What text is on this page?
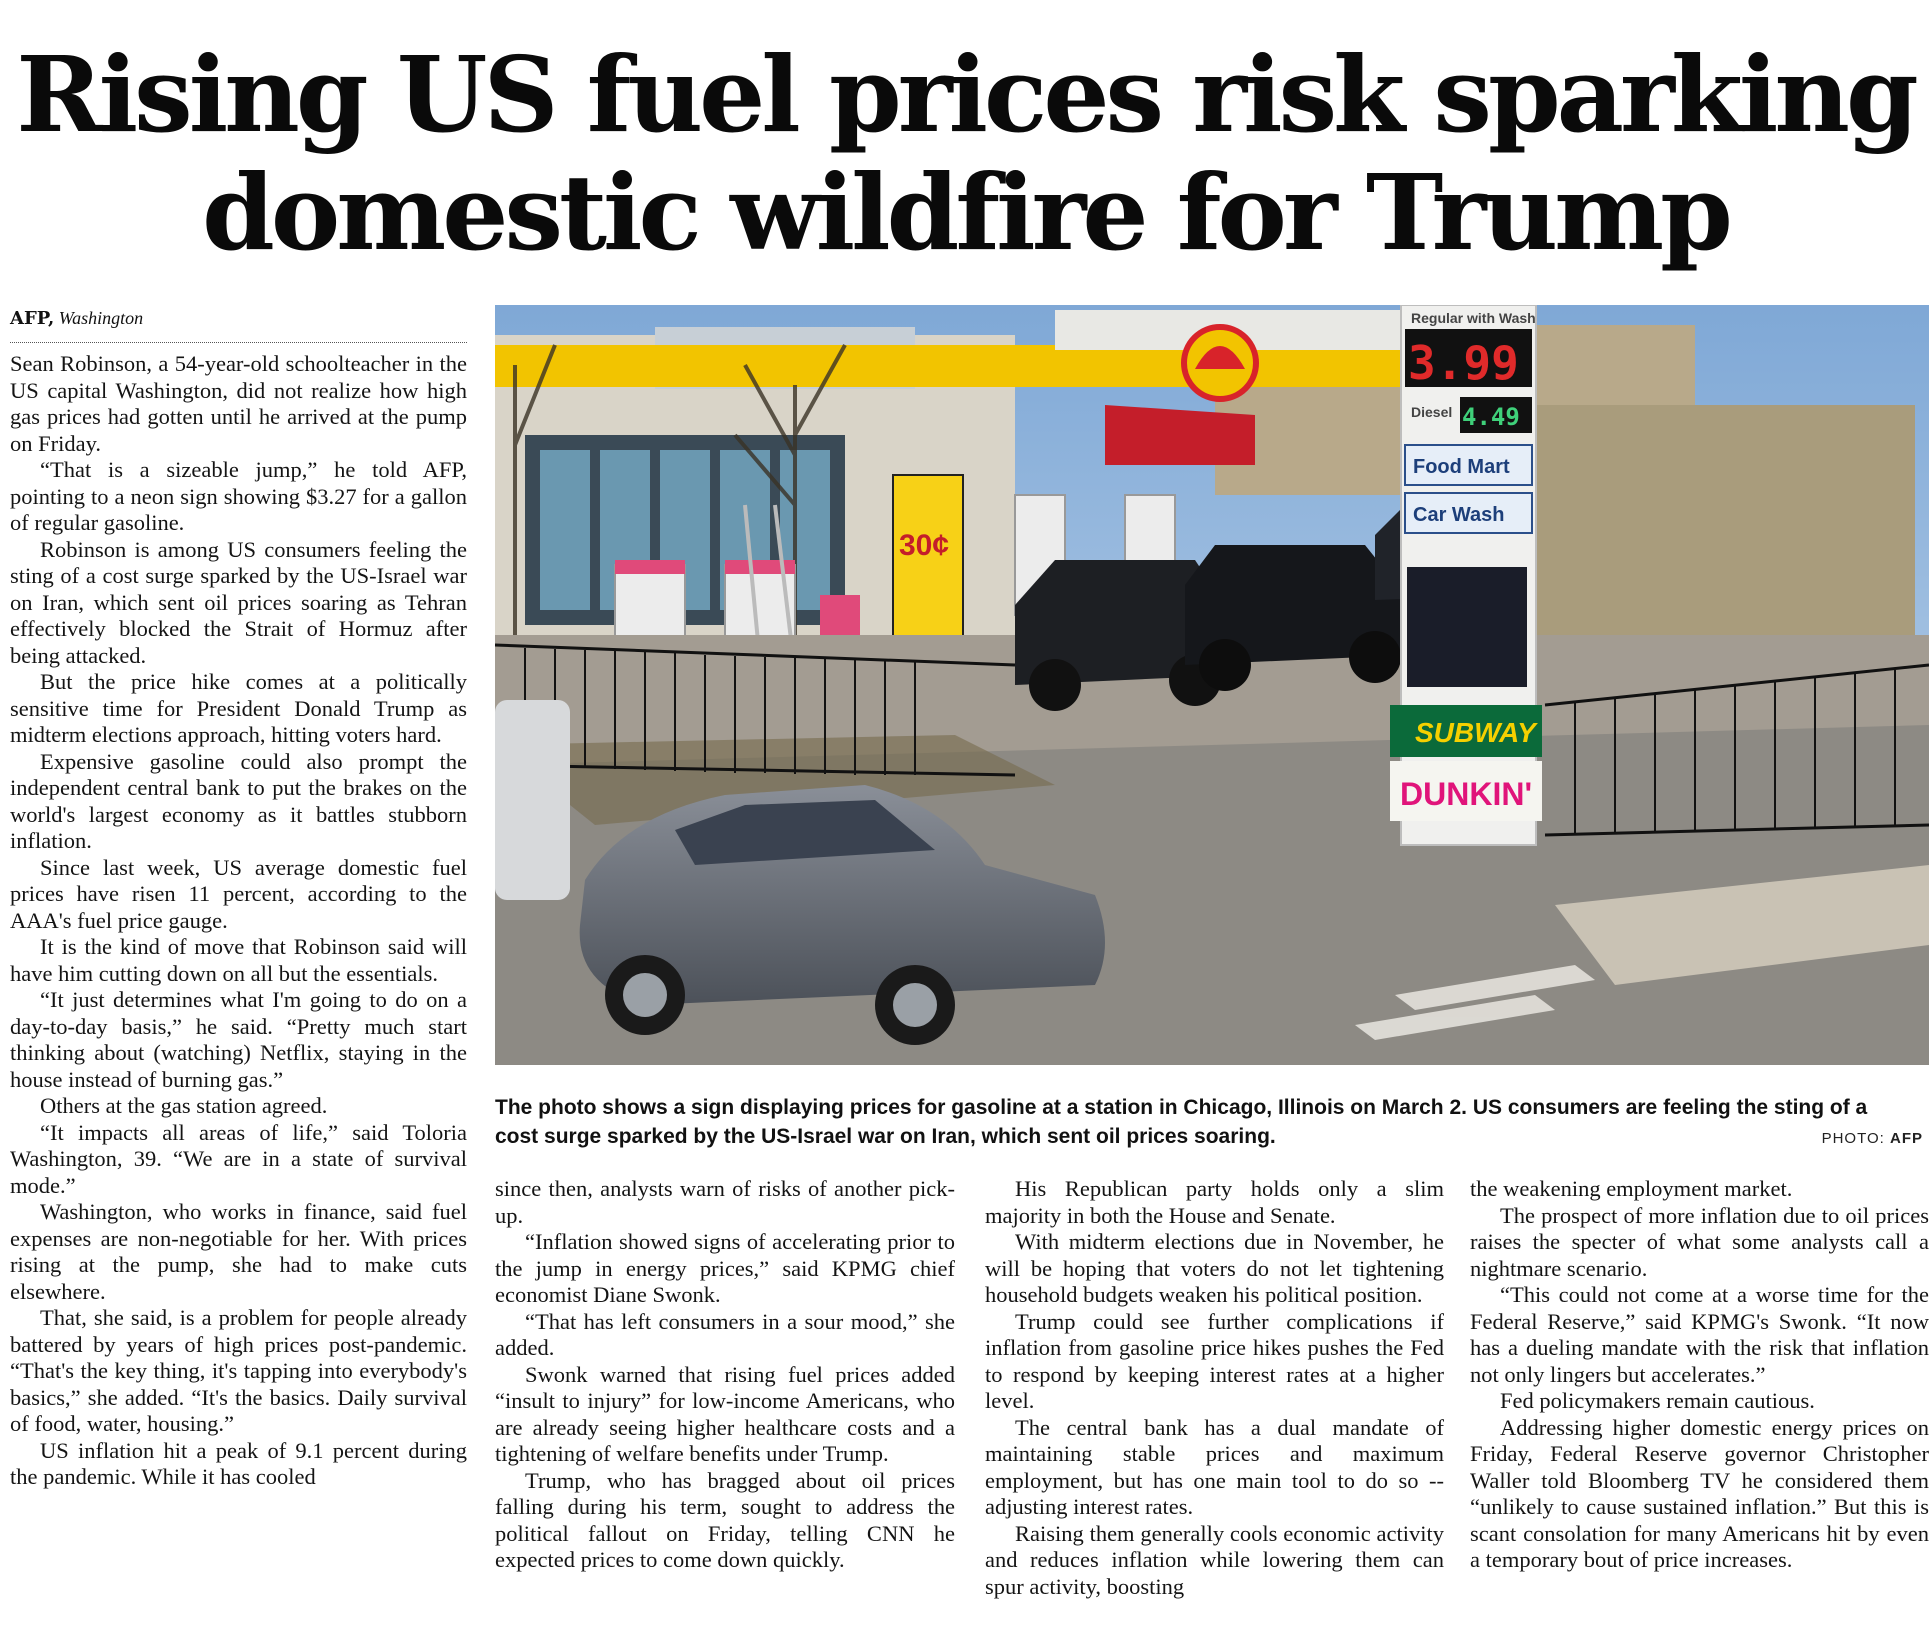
Rising US fuel prices risk sparking
domestic wildfire for Trump
AFP, Washington

Sean Robinson, a 54-year-old schoolteacher in the US capital Washington, did not realize how high gas prices had gotten until he arrived at the pump on Friday.

“That is a sizeable jump,” he told AFP, pointing to a neon sign showing $3.27 for a gallon of regular gasoline.

Robinson is among US consumers feeling the sting of a cost surge sparked by the US-Israel war on Iran, which sent oil prices soaring as Tehran effectively blocked the Strait of Hormuz after being attacked.

But the price hike comes at a politically sensitive time for President Donald Trump as midterm elections approach, hitting voters hard.

Expensive gasoline could also prompt the independent central bank to put the brakes on the world's largest economy as it battles stubborn inflation.

Since last week, US average domestic fuel prices have risen 11 percent, according to the AAA's fuel price gauge.

It is the kind of move that Robinson said will have him cutting down on all but the essentials.

“It just determines what I'm going to do on a day-to-day basis,” he said. “Pretty much start thinking about (watching) Netflix, staying in the house instead of burning gas.”

Others at the gas station agreed.

“It impacts all areas of life,” said Toloria Washington, 39. “We are in a state of survival mode.”

Washington, who works in finance, said fuel expenses are non-negotiable for her. With prices rising at the pump, she had to make cuts elsewhere.

That, she said, is a problem for people already battered by years of high prices post-pandemic. “That's the key thing, it's tapping into everybody's basics,” she added. “It's the basics. Daily survival of food, water, housing.”

US inflation hit a peak of 9.1 percent during the pandemic. While it has cooled

30¢
Regular with Wash
3.99
Diesel 4.49
Food Mart
Car Wash
SUBWAY
DUNKIN'
The photo shows a sign displaying prices for gasoline at a station in Chicago, Illinois on March 2. US consumers are feeling the sting of a cost surge sparked by the US-Israel war on Iran, which sent oil prices soaring.	PHOTO: AFP

since then, analysts warn of risks of another pick-up.

“Inflation showed signs of accelerating prior to the jump in energy prices,” said KPMG chief economist Diane Swonk.

“That has left consumers in a sour mood,” she added.

Swonk warned that rising fuel prices added “insult to injury” for low-income Americans, who are already seeing higher healthcare costs and a tightening of welfare benefits under Trump.

Trump, who has bragged about oil prices falling during his term, sought to address the political fallout on Friday, telling CNN he expected prices to come down quickly.

His Republican party holds only a slim majority in both the House and Senate.

With midterm elections due in November, he will be hoping that voters do not let tightening household budgets weaken his political position.

Trump could see further complications if inflation from gasoline price hikes pushes the Fed to respond by keeping interest rates at a higher level.

The central bank has a dual mandate of maintaining stable prices and maximum employment, but has one main tool to do so -- adjusting interest rates.

Raising them generally cools economic activity and reduces inflation while lowering them can spur activity, boosting

the weakening employment market.

The prospect of more inflation due to oil prices raises the specter of what some analysts call a nightmare scenario.

“This could not come at a worse time for the Federal Reserve,” said KPMG's Swonk. “It now has a dueling mandate with the risk that inflation not only lingers but accelerates.”

Fed policymakers remain cautious.

Addressing higher domestic energy prices on Friday, Federal Reserve governor Christopher Waller told Bloomberg TV he considered them “unlikely to cause sustained inflation.” But this is scant consolation for many Americans hit by even a temporary bout of price increases.
